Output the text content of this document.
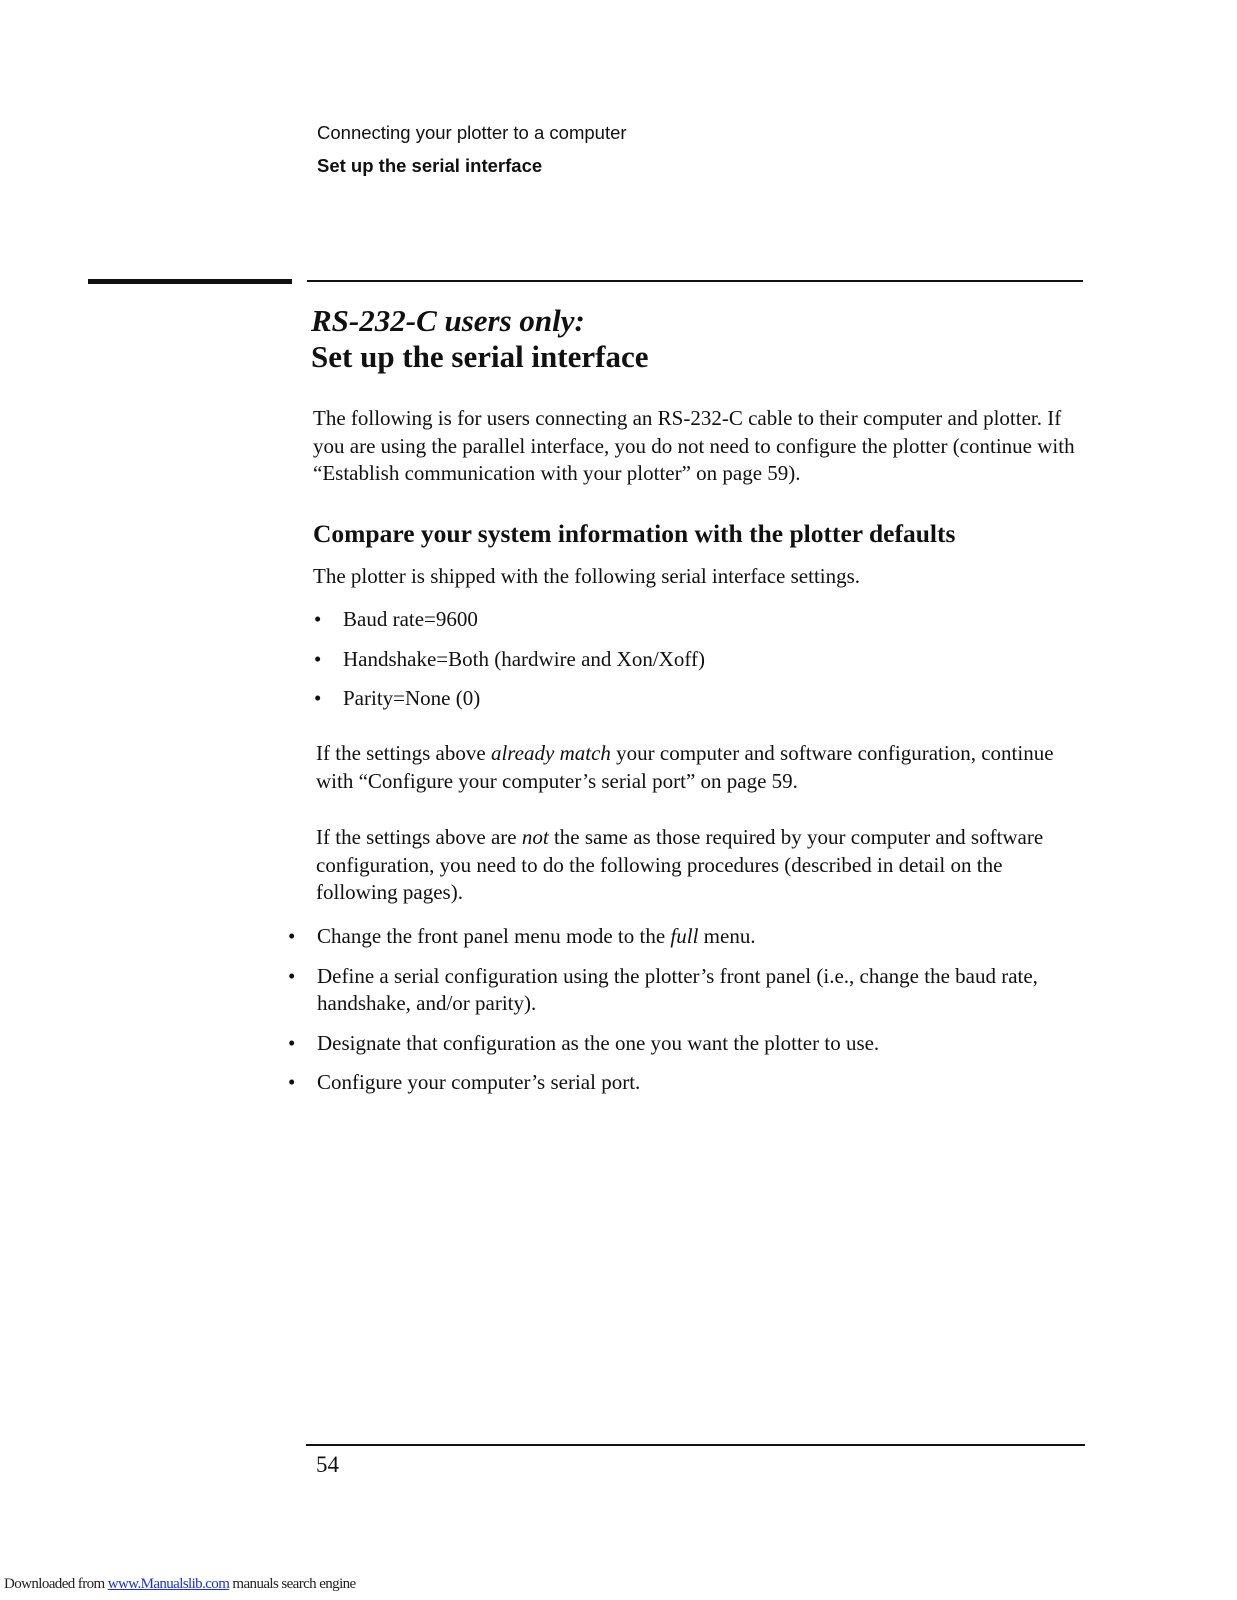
Connecting your plotter to a computer
Set up the serial interface
RS-232-C users only:
Set up the serial interface

The following is for users connecting an RS-232-C cable to their computer and plotter. If you are using the parallel interface, you do not need to configure the plotter (continue with “Establish communication with your plotter” on page 59).

Compare your system information with the plotter defaults

The plotter is shipped with the following serial interface settings.

• Baud rate=9600
• Handshake=Both (hardwire and Xon/Xoff)
• Parity=None (0)

If the settings above already match your computer and software configuration, continue with “Configure your computer’s serial port” on page 59.

If the settings above are not the same as those required by your computer and software configuration, you need to do the following procedures (described in detail on the following pages).

• Change the front panel menu mode to the full menu.
• Define a serial configuration using the plotter’s front panel (i.e., change the baud rate, handshake, and/or parity).
• Designate that configuration as the one you want the plotter to use.
• Configure your computer’s serial port.
54
Downloaded from www.Manualslib.com manuals search engine
